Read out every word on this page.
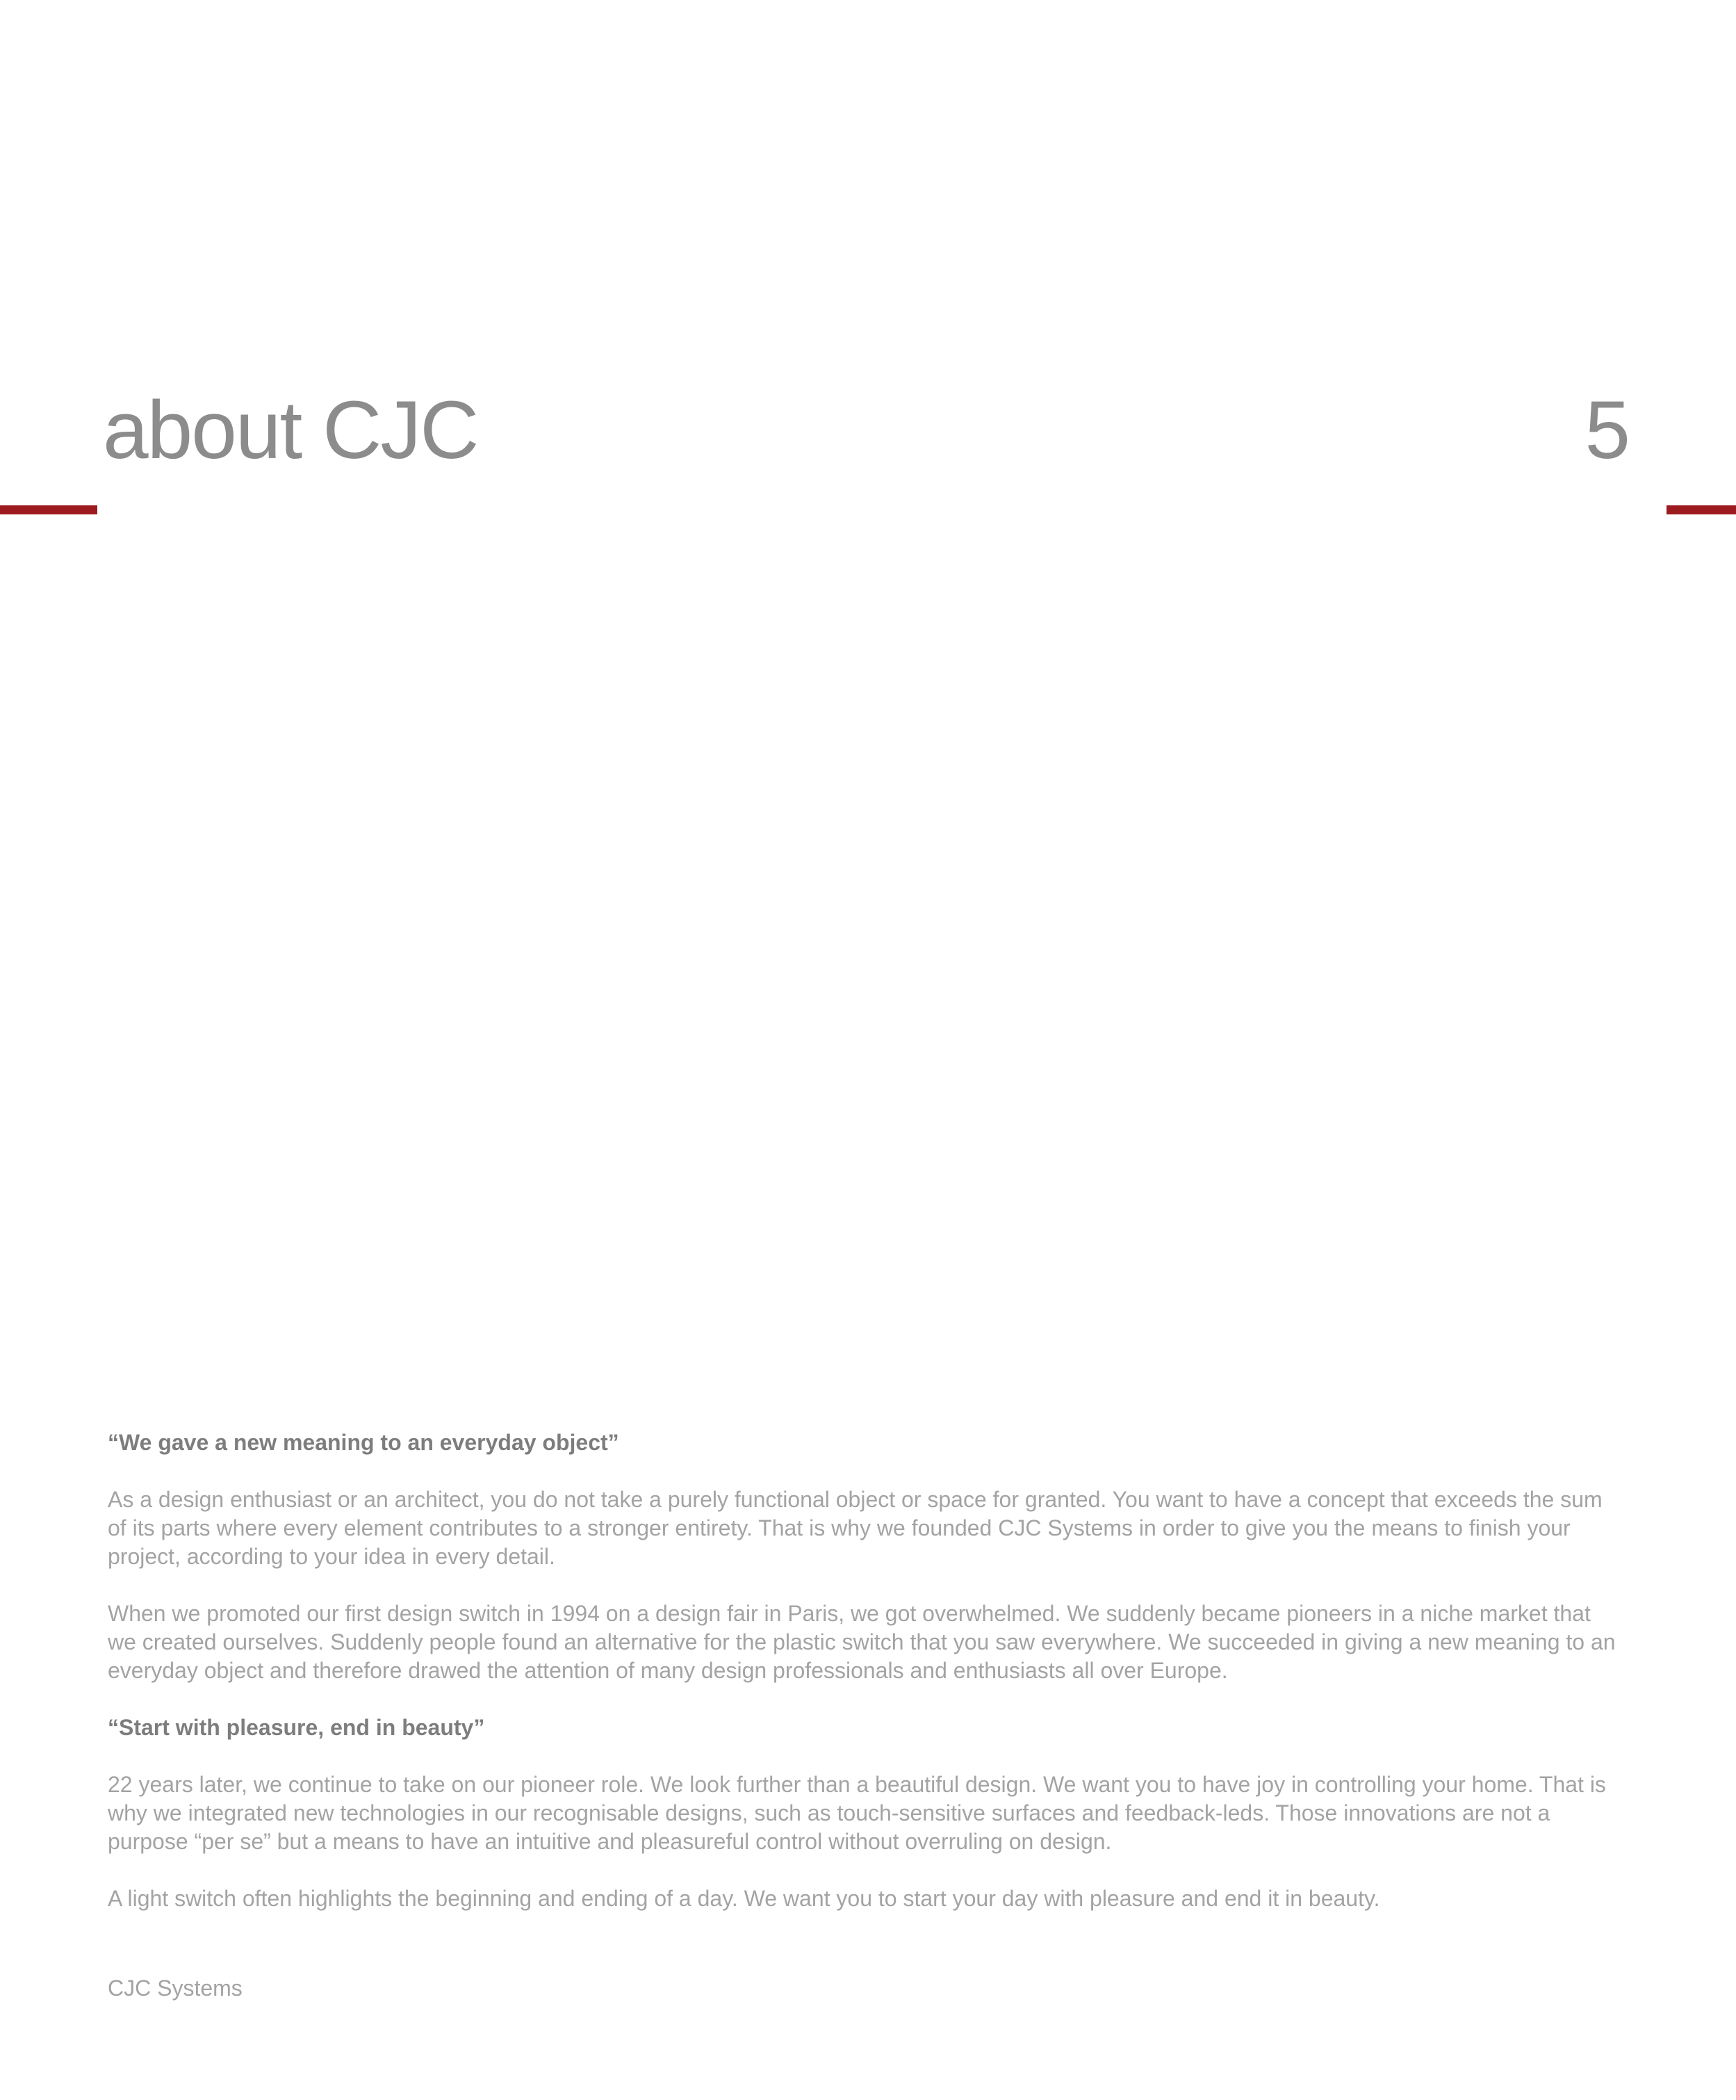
about CJC	5

“We gave a new meaning to an everyday object”

As a design enthusiast or an architect, you do not take a purely functional object or space for granted. You want to have a concept that exceeds the sum of its parts where every element contributes to a stronger entirety. That is why we founded CJC Systems in order to give you the means to finish your project, according to your idea in every detail.

When we promoted our first design switch in 1994 on a design fair in Paris, we got overwhelmed. We suddenly became pioneers in a niche market that we created ourselves. Suddenly people found an alternative for the plastic switch that you saw everywhere. We succeeded in giving a new meaning to an everyday object and therefore drawed the attention of many design professionals and enthusiasts all over Europe.

“Start with pleasure, end in beauty”

22 years later, we continue to take on our pioneer role. We look further than a beautiful design. We want you to have joy in controlling your home. That is why we integrated new technologies in our recognisable designs, such as touch-sensitive surfaces and feedback-leds. Those innovations are not a purpose “per se” but a means to have an intuitive and pleasureful control without overruling on design.

A light switch often highlights the beginning and ending of a day. We want you to start your day with pleasure and end it in beauty.

CJC Systems
